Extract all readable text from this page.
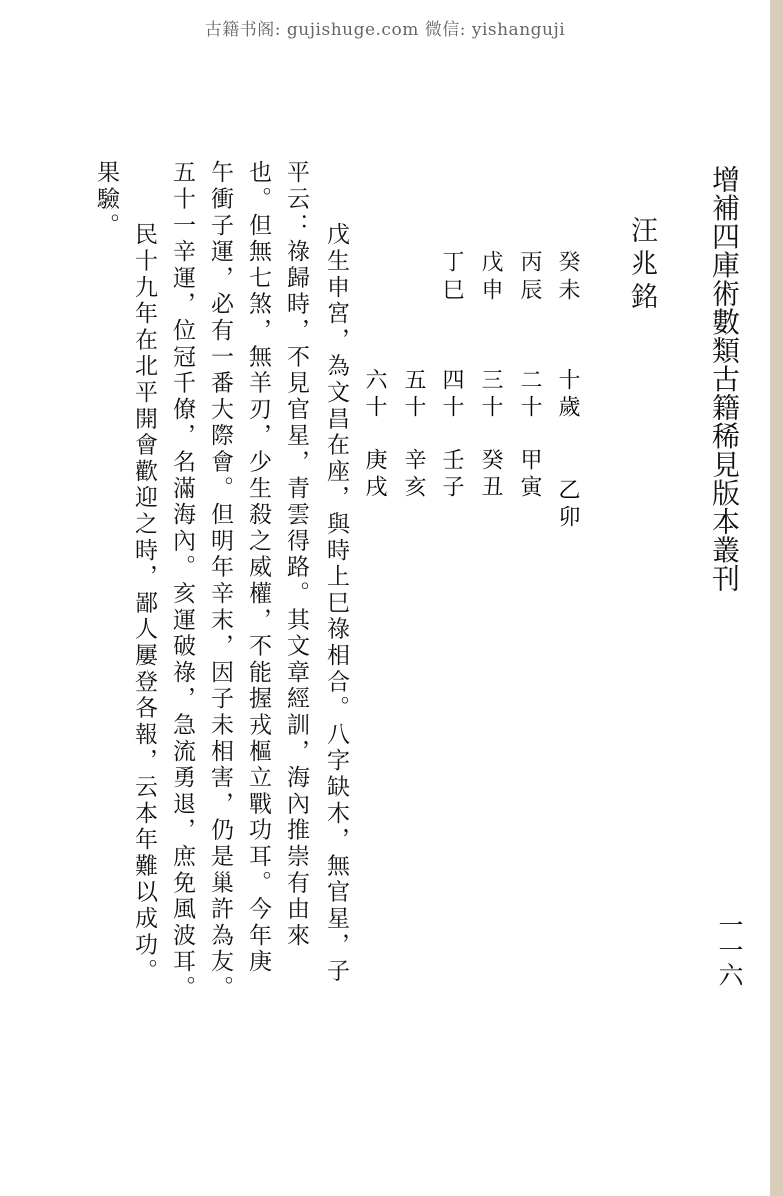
古籍书阁: gujishuge.com 微信: yishanguji
增補四庫術數類古籍稀見版本叢刊
一一六
汪兆銘
癸未
丙辰
戊申
丁巳
十歲
二十
三十
四十
五十
六十
乙卯
甲寅
癸丑
壬子
辛亥
庚戌
戊生申宮，為文昌在座，與時上巳祿相合。八字缺木，無官星，子
平云：祿歸時，不見官星，青雲得路。其文章經訓，海內推崇有由來
也。但無七煞，無羊刃，少生殺之威權，不能握戎樞立戰功耳。今年庚
午衝子運，必有一番大際會。但明年辛末，因子未相害，仍是巢許為友。
五十一辛運，位冠千僚，名滿海內。亥運破祿，急流勇退，庶免風波耳。
民十九年在北平開會歡迎之時，鄙人屢登各報，云本年難以成功。
果驗。
